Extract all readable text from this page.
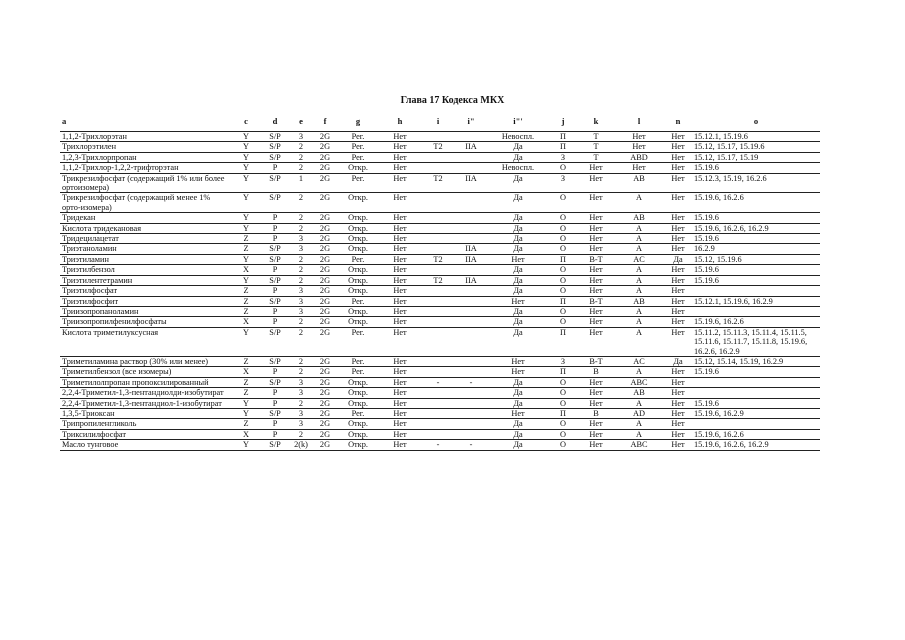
Глава 17 Кодекса МКХ
a	c	d	e	f	g	h	i	i"	i"'	j	k	l	n	o
1,1,2-Трихлорэтан	Y	S/P	3	2G	Рег.	Нет			Невоспл.	П	Т	Нет	Нет	15.12.1, 15.19.6
Трихлорэтилен	Y	S/P	2	2G	Рег.	Нет	T2	IIA	Да	П	Т	Нет	Нет	15.12, 15.17, 15.19.6
1,2,3-Трихлорпропан	Y	S/P	2	2G	Рег.	Нет			Да	З	Т	ABD	Нет	15.12, 15.17, 15.19
1,1,2-Трихлор-1,2,2-трифторэтан	Y	P	2	2G	Откр.	Нет			Невоспл.	О	Нет	Нет	Нет	15.19.6
Трикрезилфосфат (содержащий 1% или более ортоизомера)	Y	S/P	1	2G	Рег.	Нет	T2	IIA	Да	З	Нет	AB	Нет	15.12.3, 15.19, 16.2.6
Трикрезилфосфат (содержащий менее 1% орто-изомера)	Y	S/P	2	2G	Откр.	Нет			Да	О	Нет	A	Нет	15.19.6, 16.2.6
Тридекан	Y	P	2	2G	Откр.	Нет			Да	О	Нет	AB	Нет	15.19.6
Кислота тридекановая	Y	P	2	2G	Откр.	Нет			Да	О	Нет	A	Нет	15.19.6, 16.2.6, 16.2.9
Тридецилацетат	Z	P	3	2G	Откр.	Нет			Да	О	Нет	A	Нет	15.19.6
Триэтаноламин	Z	S/P	3	2G	Откр.	Нет		IIA	Да	О	Нет	A	Нет	16.2.9
Триэтиламин	Y	S/P	2	2G	Рег.	Нет	T2	IIA	Нет	П	В-Т	AC	Да	15.12, 15.19.6
Триэтилбензол	X	P	2	2G	Откр.	Нет			Да	О	Нет	A	Нет	15.19.6
Триэтилентетрамин	Y	S/P	2	2G	Откр.	Нет	T2	IIA	Да	О	Нет	A	Нет	15.19.6
Триэтилфосфат	Z	P	3	2G	Откр.	Нет			Да	О	Нет	A	Нет	
Триэтилфосфит	Z	S/P	3	2G	Рег.	Нет			Нет	П	В-Т	AB	Нет	15.12.1, 15.19.6, 16.2.9
Триизопропаноламин	Z	P	3	2G	Откр.	Нет			Да	О	Нет	A	Нет	
Триизопропилфенилфосфаты	X	P	2	2G	Откр.	Нет			Да	О	Нет	A	Нет	15.19.6, 16.2.6
Кислота триметилуксусная	Y	S/P	2	2G	Рег.	Нет			Да	П	Нет	A	Нет	15.11.2, 15.11.3, 15.11.4, 15.11.5, 15.11.6, 15.11.7, 15.11.8, 15.19.6, 16.2.6, 16.2.9
Триметиламина раствор (30% или менее)	Z	S/P	2	2G	Рег.	Нет			Нет	З	В-Т	AC	Да	15.12, 15.14, 15.19, 16.2.9
Триметилбензол (все изомеры)	X	P	2	2G	Рег.	Нет			Нет	П	В	A	Нет	15.19.6
Триметилолпропан пропоксилированный	Z	S/P	3	2G	Откр.	Нет	-	-	Да	О	Нет	ABC	Нет	
2,2,4-Триметил-1,3-пентандиолди-изобутират	Z	P	3	2G	Откр.	Нет			Да	О	Нет	AB	Нет	
2,2,4-Триметил-1,3-пентандиол-1-изобутират	Y	P	2	2G	Откр.	Нет			Да	О	Нет	A	Нет	15.19.6
1,3,5-Триоксан	Y	S/P	3	2G	Рег.	Нет			Нет	П	В	AD	Нет	15.19.6, 16.2.9
Трипропиленгликоль	Z	P	3	2G	Откр.	Нет			Да	О	Нет	A	Нет	
Триксилилфосфат	X	P	2	2G	Откр.	Нет			Да	О	Нет	A	Нет	15.19.6, 16.2.6
Масло тунговое	Y	S/P	2(k)	2G	Откр.	Нет	-	-	Да	О	Нет	ABC	Нет	15.19.6, 16.2.6, 16.2.9
